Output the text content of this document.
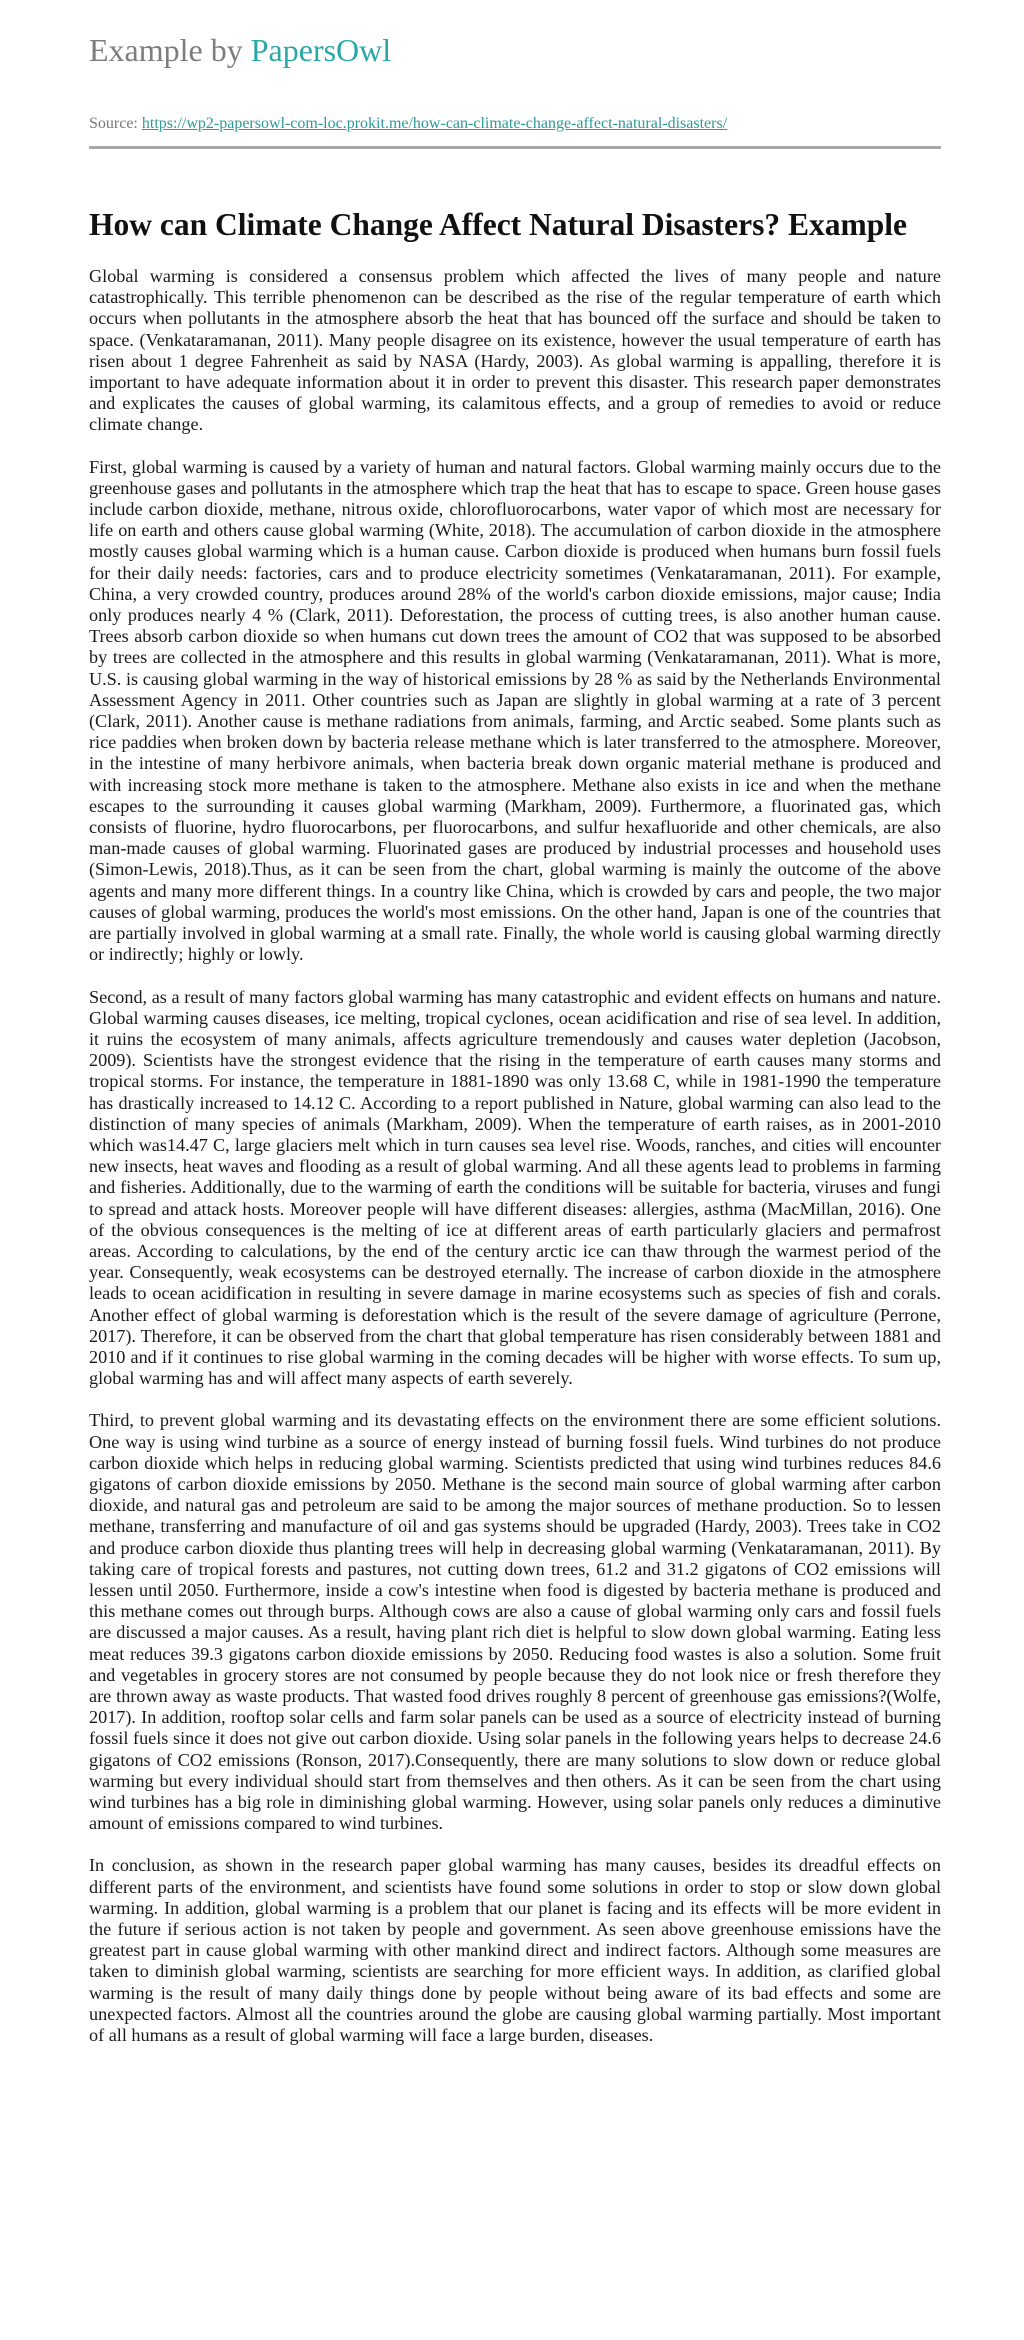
Example by PapersOwl
Source: https://wp2-papersowl-com-loc.prokit.me/how-can-climate-change-affect-natural-disasters/
How can Climate Change Affect Natural Disasters? Example

Global warming is considered a consensus problem which affected the lives of many people and nature catastrophically. This terrible phenomenon can be described as the rise of the regular temperature of earth which occurs when pollutants in the atmosphere absorb the heat that has bounced off the surface and should be taken to space. (Venkataramanan, 2011). Many people disagree on its existence, however the usual temperature of earth has risen about 1 degree Fahrenheit as said by NASA (Hardy, 2003). As global warming is appalling, therefore it is important to have adequate information about it in order to prevent this disaster. This research paper demonstrates and explicates the causes of global warming, its calamitous effects, and a group of remedies to avoid or reduce climate change.

First, global warming is caused by a variety of human and natural factors. Global warming mainly occurs due to the greenhouse gases and pollutants in the atmosphere which trap the heat that has to escape to space. Green house gases include carbon dioxide, methane, nitrous oxide, chlorofluorocarbons, water vapor of which most are necessary for life on earth and others cause global warming (White, 2018). The accumulation of carbon dioxide in the atmosphere mostly causes global warming which is a human cause. Carbon dioxide is produced when humans burn fossil fuels for their daily needs: factories, cars and to produce electricity sometimes (Venkataramanan, 2011). For example, China, a very crowded country, produces around 28% of the world's carbon dioxide emissions, major cause; India only produces nearly 4 % (Clark, 2011). Deforestation, the process of cutting trees, is also another human cause. Trees absorb carbon dioxide so when humans cut down trees the amount of CO2 that was supposed to be absorbed by trees are collected in the atmosphere and this results in global warming (Venkataramanan, 2011). What is more, U.S. is causing global warming in the way of historical emissions by 28 % as said by the Netherlands Environmental Assessment Agency in 2011. Other countries such as Japan are slightly in global warming at a rate of 3 percent (Clark, 2011). Another cause is methane radiations from animals, farming, and Arctic seabed. Some plants such as rice paddies when broken down by bacteria release methane which is later transferred to the atmosphere. Moreover, in the intestine of many herbivore animals, when bacteria break down organic material methane is produced and with increasing stock more methane is taken to the atmosphere. Methane also exists in ice and when the methane escapes to the surrounding it causes global warming (Markham, 2009). Furthermore, a fluorinated gas, which consists of fluorine, hydro fluorocarbons, per fluorocarbons, and sulfur hexafluoride and other chemicals, are also man-made causes of global warming. Fluorinated gases are produced by industrial processes and household uses (Simon-Lewis, 2018).Thus, as it can be seen from the chart, global warming is mainly the outcome of the above agents and many more different things. In a country like China, which is crowded by cars and people, the two major causes of global warming, produces the world's most emissions. On the other hand, Japan is one of the countries that are partially involved in global warming at a small rate. Finally, the whole world is causing global warming directly or indirectly; highly or lowly.

Second, as a result of many factors global warming has many catastrophic and evident effects on humans and nature. Global warming causes diseases, ice melting, tropical cyclones, ocean acidification and rise of sea level. In addition, it ruins the ecosystem of many animals, affects agriculture tremendously and causes water depletion (Jacobson, 2009). Scientists have the strongest evidence that the rising in the temperature of earth causes many storms and tropical storms. For instance, the temperature in 1881-1890 was only 13.68 C, while in 1981-1990 the temperature has drastically increased to 14.12 C. According to a report published in Nature, global warming can also lead to the distinction of many species of animals (Markham, 2009). When the temperature of earth raises, as in 2001-2010 which was14.47 C, large glaciers melt which in turn causes sea level rise. Woods, ranches, and cities will encounter new insects, heat waves and flooding as a result of global warming. And all these agents lead to problems in farming and fisheries. Additionally, due to the warming of earth the conditions will be suitable for bacteria, viruses and fungi to spread and attack hosts. Moreover people will have different diseases: allergies, asthma (MacMillan, 2016). One of the obvious consequences is the melting of ice at different areas of earth particularly glaciers and permafrost areas. According to calculations, by the end of the century arctic ice can thaw through the warmest period of the year. Consequently, weak ecosystems can be destroyed eternally. The increase of carbon dioxide in the atmosphere leads to ocean acidification in resulting in severe damage in marine ecosystems such as species of fish and corals. Another effect of global warming is deforestation which is the result of the severe damage of agriculture (Perrone, 2017). Therefore, it can be observed from the chart that global temperature has risen considerably between 1881 and 2010 and if it continues to rise global warming in the coming decades will be higher with worse effects. To sum up, global warming has and will affect many aspects of earth severely.

Third, to prevent global warming and its devastating effects on the environment there are some efficient solutions. One way is using wind turbine as a source of energy instead of burning fossil fuels. Wind turbines do not produce carbon dioxide which helps in reducing global warming. Scientists predicted that using wind turbines reduces 84.6 gigatons of carbon dioxide emissions by 2050. Methane is the second main source of global warming after carbon dioxide, and natural gas and petroleum are said to be among the major sources of methane production. So to lessen methane, transferring and manufacture of oil and gas systems should be upgraded (Hardy, 2003). Trees take in CO2 and produce carbon dioxide thus planting trees will help in decreasing global warming (Venkataramanan, 2011). By taking care of tropical forests and pastures, not cutting down trees, 61.2 and 31.2 gigatons of CO2 emissions will lessen until 2050. Furthermore, inside a cow's intestine when food is digested by bacteria methane is produced and this methane comes out through burps. Although cows are also a cause of global warming only cars and fossil fuels are discussed a major causes. As a result, having plant rich diet is helpful to slow down global warming. Eating less meat reduces 39.3 gigatons carbon dioxide emissions by 2050. Reducing food wastes is also a solution. Some fruit and vegetables in grocery stores are not consumed by people because they do not look nice or fresh therefore they are thrown away as waste products. That wasted food drives roughly 8 percent of greenhouse gas emissions?(Wolfe, 2017). In addition, rooftop solar cells and farm solar panels can be used as a source of electricity instead of burning fossil fuels since it does not give out carbon dioxide. Using solar panels in the following years helps to decrease 24.6 gigatons of CO2 emissions (Ronson, 2017).Consequently, there are many solutions to slow down or reduce global warming but every individual should start from themselves and then others. As it can be seen from the chart using wind turbines has a big role in diminishing global warming. However, using solar panels only reduces a diminutive amount of emissions compared to wind turbines.

In conclusion, as shown in the research paper global warming has many causes, besides its dreadful effects on different parts of the environment, and scientists have found some solutions in order to stop or slow down global warming. In addition, global warming is a problem that our planet is facing and its effects will be more evident in the future if serious action is not taken by people and government. As seen above greenhouse emissions have the greatest part in cause global warming with other mankind direct and indirect factors. Although some measures are taken to diminish global warming, scientists are searching for more efficient ways. In addition, as clarified global warming is the result of many daily things done by people without being aware of its bad effects and some are unexpected factors. Almost all the countries around the globe are causing global warming partially. Most important of all humans as a result of global warming will face a large burden, diseases.
